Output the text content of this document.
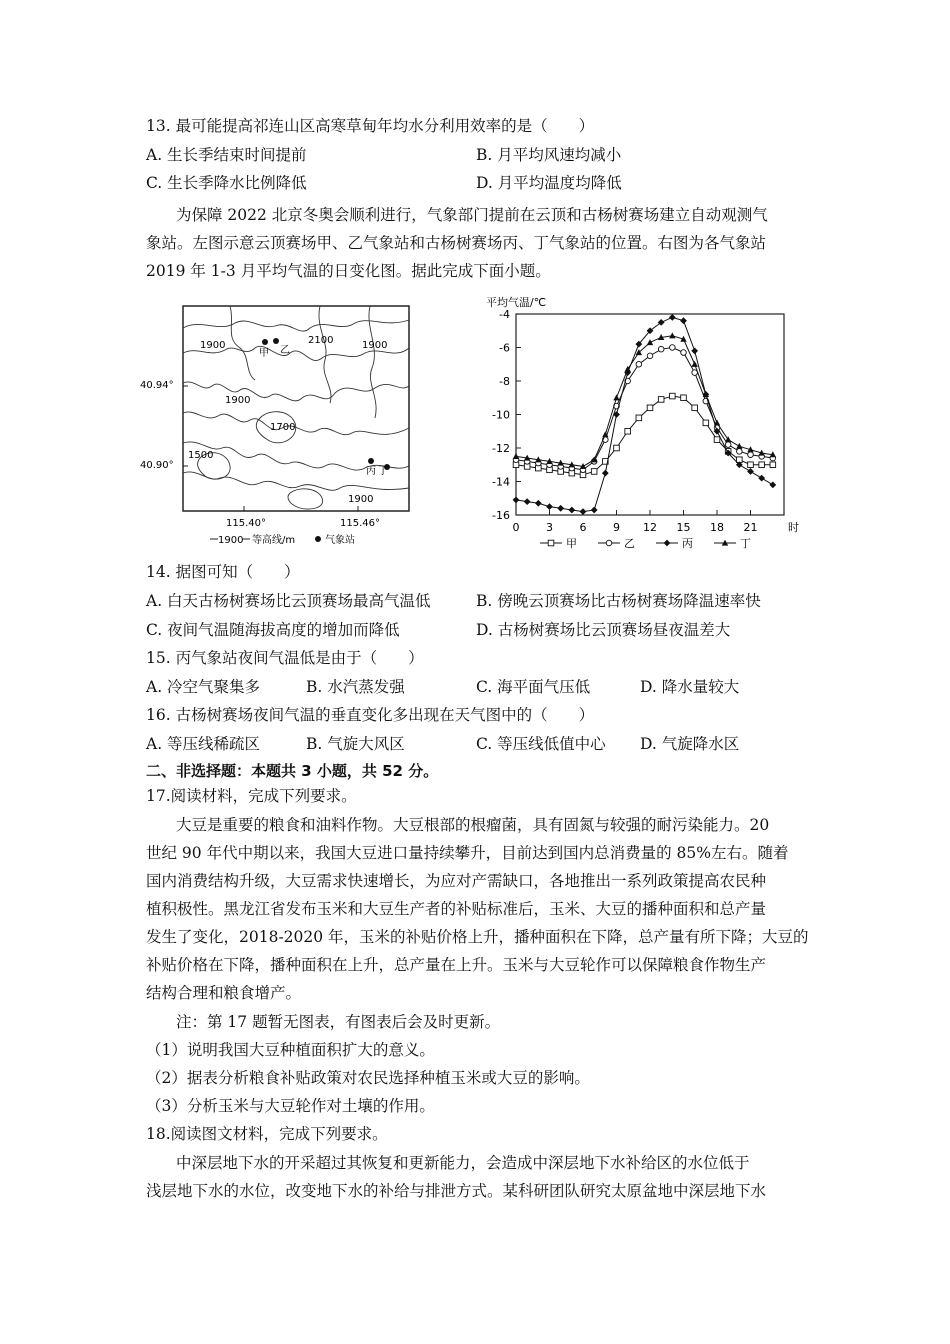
13. 最可能提高祁连山区高寒草甸年均水分利用效率的是（　　）
A. 生长季结束时间提前	B. 月平均风速均减小
C. 生长季降水比例降低	D. 月平均温度均降低
为保障 2022 北京冬奥会顺利进行，气象部门提前在云顶和古杨树赛场建立自动观测气
象站。左图示意云顶赛场甲、乙气象站和古杨树赛场丙、丁气象站的位置。右图为各气象站
2019 年 1-3 月平均气温的日变化图。据此完成下面小题。
1900	2100	1900
1900
1700
1500
1900
甲 乙
丙 丁
40.94°
40.90°
115.40°	115.46°
1900 等高线/m	气象站
平均气温/℃
-4
-6
-8
-10
-12
-14
-16
0 3 6 9 12 15 18 21	时
甲	乙	丙	丁
14. 据图可知（　　）
A. 白天古杨树赛场比云顶赛场最高气温低	B. 傍晚云顶赛场比古杨树赛场降温速率快
C. 夜间气温随海拔高度的增加而降低	D. 古杨树赛场比云顶赛场昼夜温差大
15. 丙气象站夜间气温低是由于（　　）
A. 冷空气聚集多	B. 水汽蒸发强	C. 海平面气压低	D. 降水量较大
16. 古杨树赛场夜间气温的垂直变化多出现在天气图中的（　　）
A. 等压线稀疏区	B. 气旋大风区	C. 等压线低值中心 D. 气旋降水区
二、非选择题：本题共 3 小题，共 52 分。
17.阅读材料，完成下列要求。
大豆是重要的粮食和油料作物。大豆根部的根瘤菌，具有固氮与较强的耐污染能力。20
世纪 90 年代中期以来，我国大豆进口量持续攀升，目前达到国内总消费量的 85%左右。随着
国内消费结构升级，大豆需求快速增长，为应对产需缺口，各地推出一系列政策提高农民种
植积极性。黑龙江省发布玉米和大豆生产者的补贴标准后，玉米、大豆的播种面积和总产量
发生了变化，2018-2020 年，玉米的补贴价格上升，播种面积在下降，总产量有所下降；大豆的
补贴价格在下降，播种面积在上升，总产量在上升。玉米与大豆轮作可以保障粮食作物生产
结构合理和粮食增产。
注：第 17 题暂无图表，有图表后会及时更新。
（1）说明我国大豆种植面积扩大的意义。
（2）据表分析粮食补贴政策对农民选择种植玉米或大豆的影响。
（3）分析玉米与大豆轮作对土壤的作用。
18.阅读图文材料，完成下列要求。
中深层地下水的开采超过其恢复和更新能力，会造成中深层地下水补给区的水位低于
浅层地下水的水位，改变地下水的补给与排泄方式。某科研团队研究太原盆地中深层地下水
